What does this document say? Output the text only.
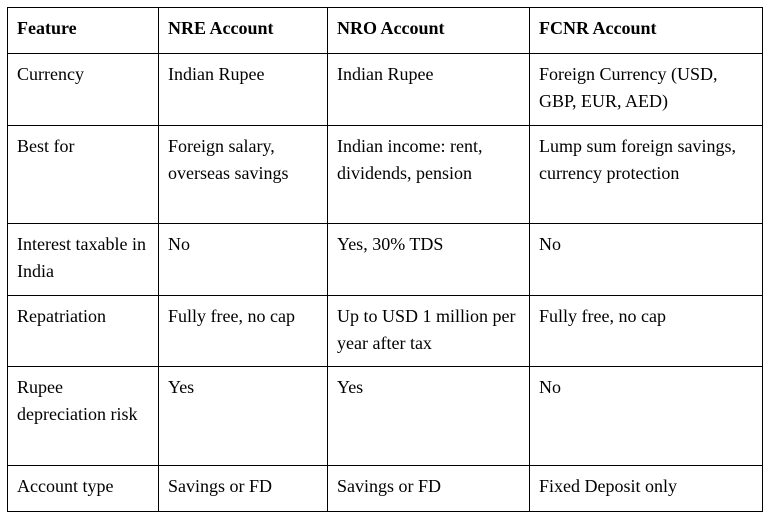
Feature	NRE Account	NRO Account	FCNR Account
Currency	Indian Rupee	Indian Rupee	Foreign Currency (USD, GBP, EUR, AED)
Best for	Foreign salary, overseas savings	Indian income: rent, dividends, pension	Lump sum foreign savings, currency protection
Interest taxable in India	No	Yes, 30% TDS	No
Repatriation	Fully free, no cap	Up to USD 1 million per year after tax	Fully free, no cap
Rupee depreciation risk	Yes	Yes	No
Account type	Savings or FD	Savings or FD	Fixed Deposit only
